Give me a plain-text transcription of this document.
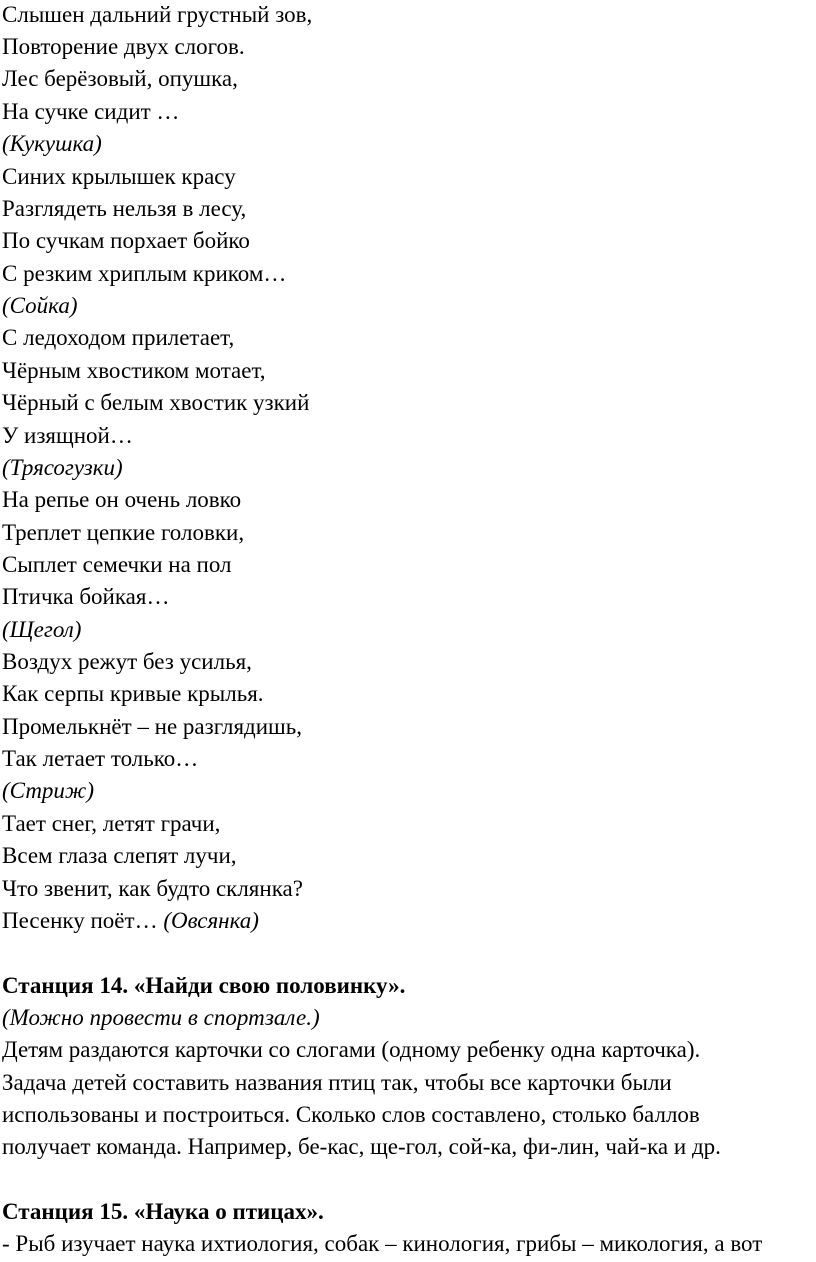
Слышен дальний грустный зов,
Повторение двух слогов.
Лес берёзовый, опушка,
На сучке сидит …
(Кукушка)
Синих крылышек красу
Разглядеть нельзя в лесу,
По сучкам порхает бойко
С резким хриплым криком…
(Сойка)
С ледоходом прилетает,
Чёрным хвостиком мотает,
Чёрный с белым хвостик узкий
У изящной…
(Трясогузки)
На репье он очень ловко
Треплет цепкие головки,
Сыплет семечки на пол
Птичка бойкая…
(Щегол)
Воздух режут без усилья,
Как серпы кривые крылья.
Промелькнёт – не разглядишь,
Так летает только…
(Стриж)
Тает снег, летят грачи,
Всем глаза слепят лучи,
Что звенит, как будто склянка?
Песенку поёт… (Овсянка)
Станция 14. «Найди свою половинку».
(Можно провести в спортзале.)
Детям раздаются карточки со слогами (одному ребенку одна карточка).
Задача детей составить названия птиц так, чтобы все карточки были
использованы и построиться. Сколько слов составлено, столько баллов
получает команда. Например, бе-кас, ще-гол, сой-ка, фи-лин, чай-ка и др.
Станция 15. «Наука о птицах».
- Рыб изучает наука ихтиология, собак – кинология, грибы – микология, а вот
